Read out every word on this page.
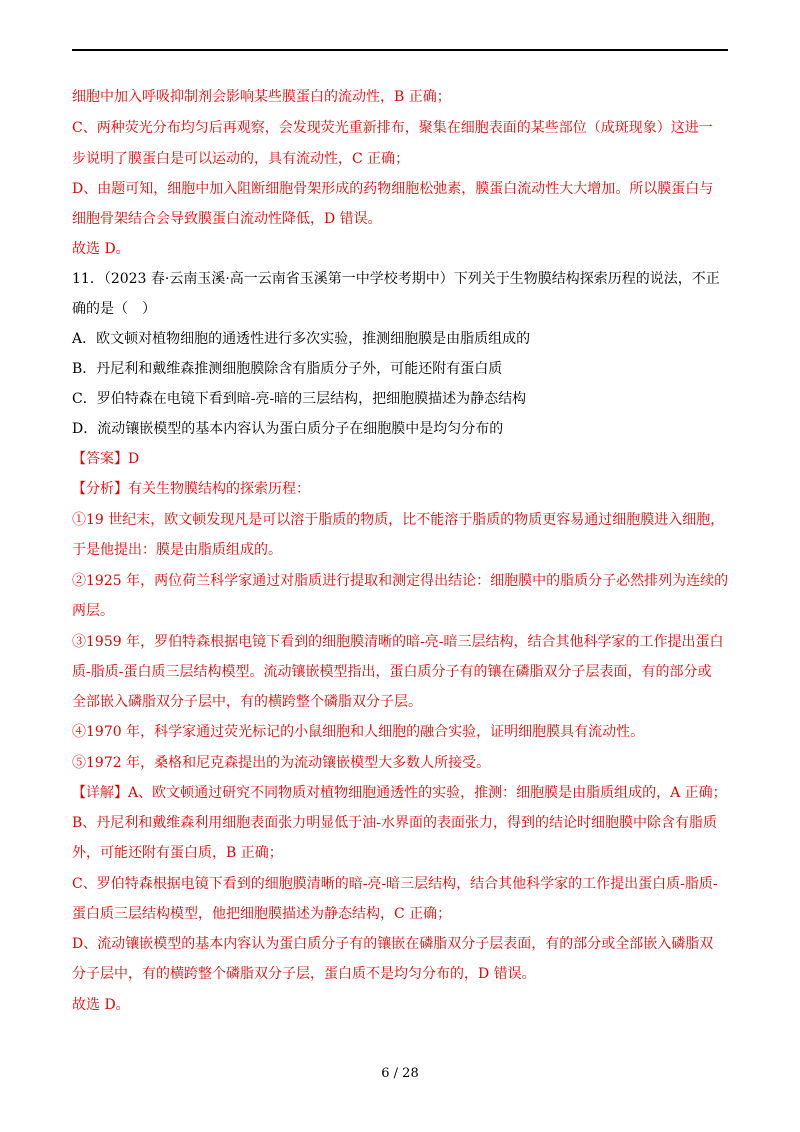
细胞中加入呼吸抑制剂会影响某些膜蛋白的流动性，B 正确；

C、两种荧光分布均匀后再观察，会发现荧光重新排布，聚集在细胞表面的某些部位（成斑现象）这进一

步说明了膜蛋白是可以运动的，具有流动性，C 正确；

D、由题可知，细胞中加入阻断细胞骨架形成的药物细胞松弛素，膜蛋白流动性大大增加。所以膜蛋白与

细胞骨架结合会导致膜蛋白流动性降低，D 错误。

故选 D。

11．（2023 春·云南玉溪·高一云南省玉溪第一中学校考期中）下列关于生物膜结构探索历程的说法，不正

确的是（　）

A．欧文顿对植物细胞的通透性进行多次实验，推测细胞膜是由脂质组成的

B．丹尼利和戴维森推测细胞膜除含有脂质分子外，可能还附有蛋白质

C．罗伯特森在电镜下看到暗-亮-暗的三层结构，把细胞膜描述为静态结构

D．流动镶嵌模型的基本内容认为蛋白质分子在细胞膜中是均匀分布的

【答案】D

【分析】有关生物膜结构的探索历程：

①19 世纪末，欧文顿发现凡是可以溶于脂质的物质，比不能溶于脂质的物质更容易通过细胞膜进入细胞，

于是他提出：膜是由脂质组成的。

②1925 年，两位荷兰科学家通过对脂质进行提取和测定得出结论：细胞膜中的脂质分子必然排列为连续的

两层。

③1959 年，罗伯特森根据电镜下看到的细胞膜清晰的暗-亮-暗三层结构，结合其他科学家的工作提出蛋白

质-脂质-蛋白质三层结构模型。流动镶嵌模型指出，蛋白质分子有的镶在磷脂双分子层表面，有的部分或

全部嵌入磷脂双分子层中，有的横跨整个磷脂双分子层。

④1970 年，科学家通过荧光标记的小鼠细胞和人细胞的融合实验，证明细胞膜具有流动性。

⑤1972 年，桑格和尼克森提出的为流动镶嵌模型大多数人所接受。

【详解】A、欧文顿通过研究不同物质对植物细胞通透性的实验，推测：细胞膜是由脂质组成的，A 正确；

B、丹尼利和戴维森利用细胞表面张力明显低于油-水界面的表面张力，得到的结论时细胞膜中除含有脂质

外，可能还附有蛋白质，B 正确；

C、罗伯特森根据电镜下看到的细胞膜清晰的暗-亮-暗三层结构，结合其他科学家的工作提出蛋白质-脂质-

蛋白质三层结构模型，他把细胞膜描述为静态结构，C 正确；

D、流动镶嵌模型的基本内容认为蛋白质分子有的镶嵌在磷脂双分子层表面，有的部分或全部嵌入磷脂双

分子层中，有的横跨整个磷脂双分子层，蛋白质不是均匀分布的，D 错误。

故选 D。

6 / 28
